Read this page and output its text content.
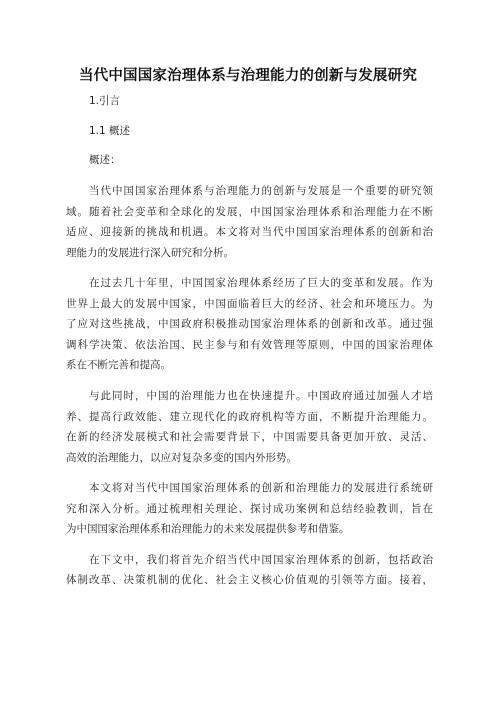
当代中国国家治理体系与治理能力的创新与发展研究
1.引言
1.1 概述
概述：
当代中国国家治理体系与治理能力的创新与发展是一个重要的研究领
域。随着社会变革和全球化的发展，中国国家治理体系和治理能力在不断
适应、迎接新的挑战和机遇。本文将对当代中国国家治理体系的创新和治
理能力的发展进行深入研究和分析。
在过去几十年里，中国国家治理体系经历了巨大的变革和发展。作为
世界上最大的发展中国家，中国面临着巨大的经济、社会和环境压力。为
了应对这些挑战，中国政府积极推动国家治理体系的创新和改革。通过强
调科学决策、依法治国、民主参与和有效管理等原则，中国的国家治理体
系在不断完善和提高。
与此同时，中国的治理能力也在快速提升。中国政府通过加强人才培
养、提高行政效能、建立现代化的政府机构等方面，不断提升治理能力。
在新的经济发展模式和社会需要背景下，中国需要具备更加开放、灵活、
高效的治理能力，以应对复杂多变的国内外形势。
本文将对当代中国国家治理体系的创新和治理能力的发展进行系统研
究和深入分析。通过梳理相关理论、探讨成功案例和总结经验教训，旨在
为中国国家治理体系和治理能力的未来发展提供参考和借鉴。
在下文中，我们将首先介绍当代中国国家治理体系的创新，包括政治
体制改革、决策机制的优化、社会主义核心价值观的引领等方面。接着，
